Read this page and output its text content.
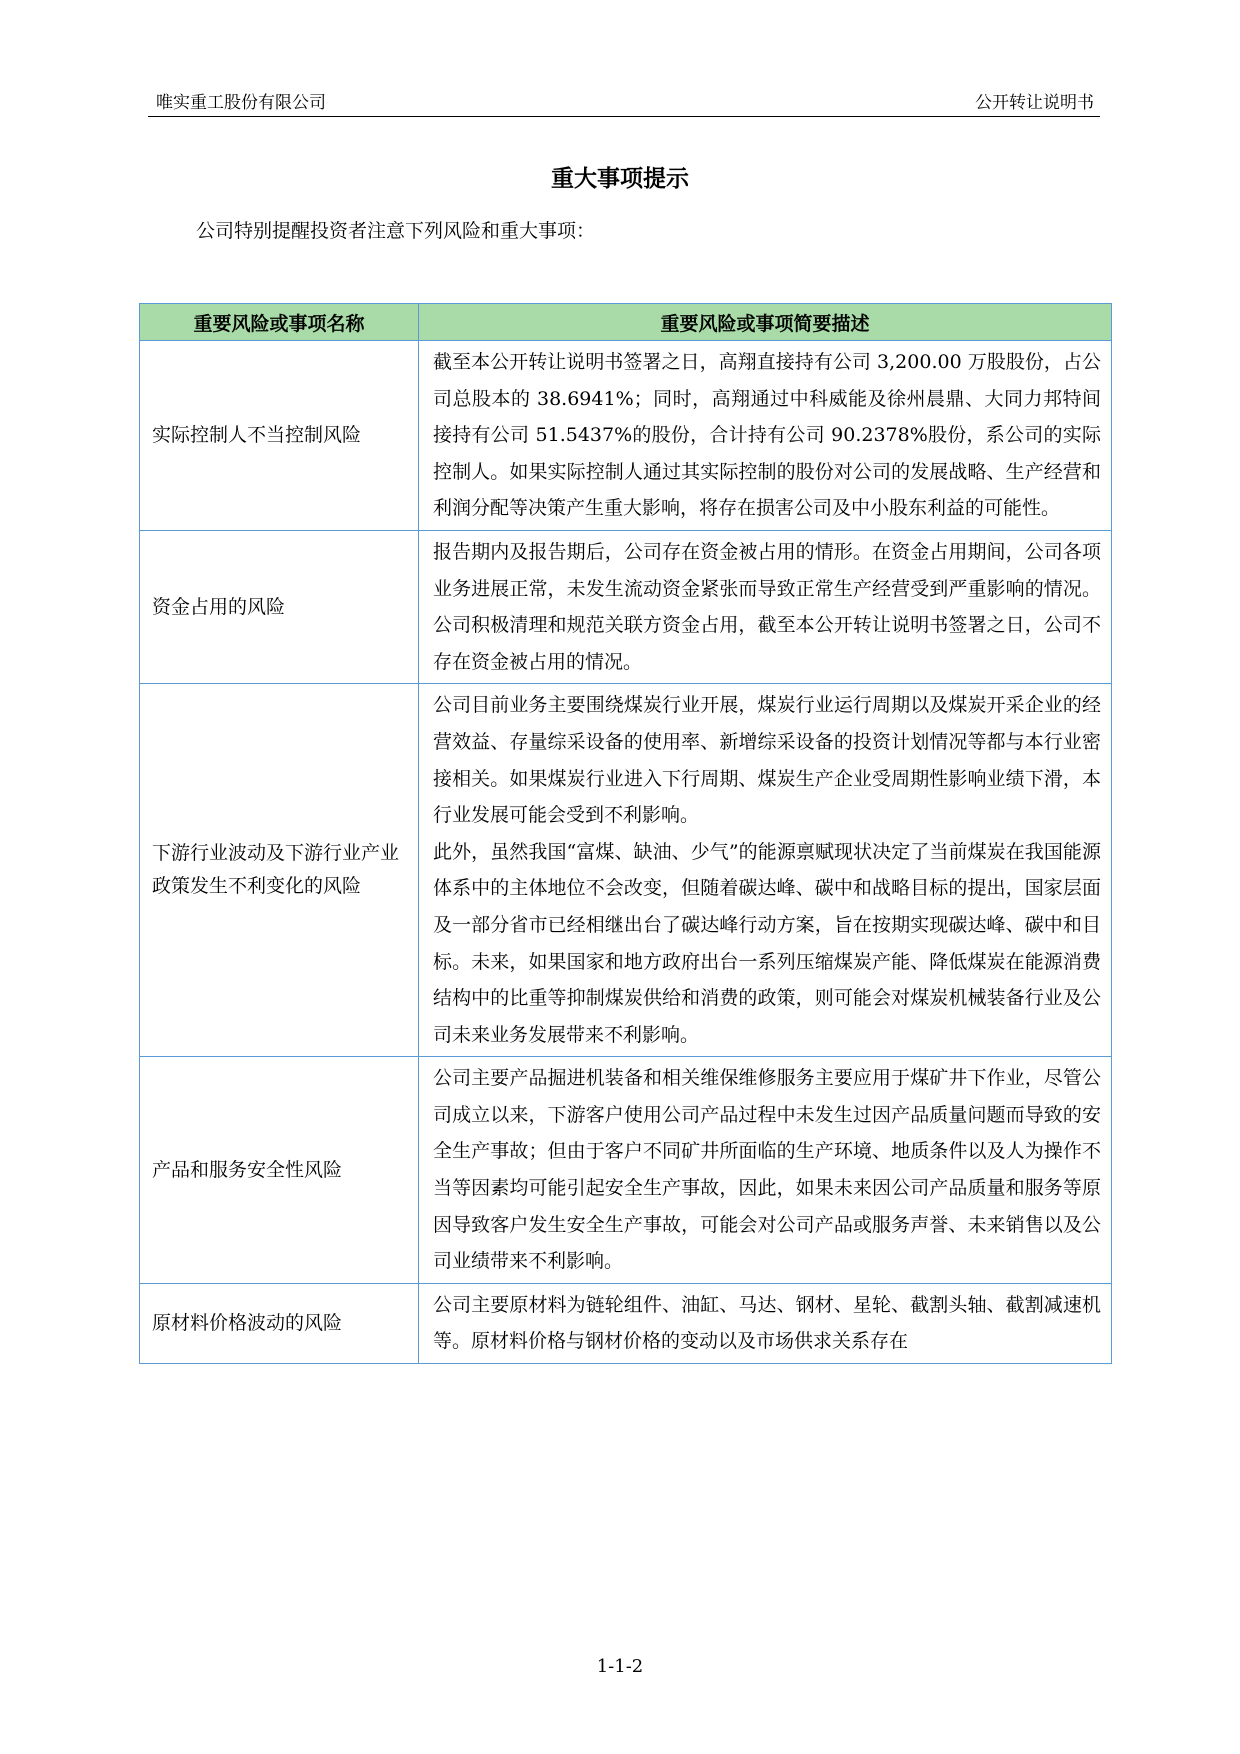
唯实重工股份有限公司	公开转让说明书
重大事项提示
公司特别提醒投资者注意下列风险和重大事项：
重要风险或事项名称	重要风险或事项简要描述
实际控制人不当控制风险	截至本公开转让说明书签署之日，高翔直接持有公司 3,200.00 万股股份，占公司总股本的 38.6941%；同时，高翔通过中科威能及徐州晨鼎、大同力邦特间接持有公司 51.5437%的股份，合计持有公司 90.2378%股份，系公司的实际控制人。如果实际控制人通过其实际控制的股份对公司的发展战略、生产经营和利润分配等决策产生重大影响，将存在损害公司及中小股东利益的可能性。

资金占用的风险	报告期内及报告期后，公司存在资金被占用的情形。在资金占用期间，公司各项业务进展正常，未发生流动资金紧张而导致正常生产经营受到严重影响的情况。公司积极清理和规范关联方资金占用，截至本公开转让说明书签署之日，公司不存在资金被占用的情况。

下游行业波动及下游行业产业政策发生不利变化的风险	公司目前业务主要围绕煤炭行业开展，煤炭行业运行周期以及煤炭开采企业的经营效益、存量综采设备的使用率、新增综采设备的投资计划情况等都与本行业密接相关。如果煤炭行业进入下行周期、煤炭生产企业受周期性影响业绩下滑，本行业发展可能会受到不利影响。

此外，虽然我国“富煤、缺油、少气”的能源禀赋现状决定了当前煤炭在我国能源体系中的主体地位不会改变，但随着碳达峰、碳中和战略目标的提出，国家层面及一部分省市已经相继出台了碳达峰行动方案，旨在按期实现碳达峰、碳中和目标。未来，如果国家和地方政府出台一系列压缩煤炭产能、降低煤炭在能源消费结构中的比重等抑制煤炭供给和消费的政策，则可能会对煤炭机械装备行业及公司未来业务发展带来不利影响。

产品和服务安全性风险	公司主要产品掘进机装备和相关维保维修服务主要应用于煤矿井下作业，尽管公司成立以来，下游客户使用公司产品过程中未发生过因产品质量问题而导致的安全生产事故；但由于客户不同矿井所面临的生产环境、地质条件以及人为操作不当等因素均可能引起安全生产事故，因此，如果未来因公司产品质量和服务等原因导致客户发生安全生产事故，可能会对公司产品或服务声誉、未来销售以及公司业绩带来不利影响。

原材料价格波动的风险	公司主要原材料为链轮组件、油缸、马达、钢材、星轮、截割头轴、截割减速机等。原材料价格与钢材价格的变动以及市场供求关系存在

1-1-2
